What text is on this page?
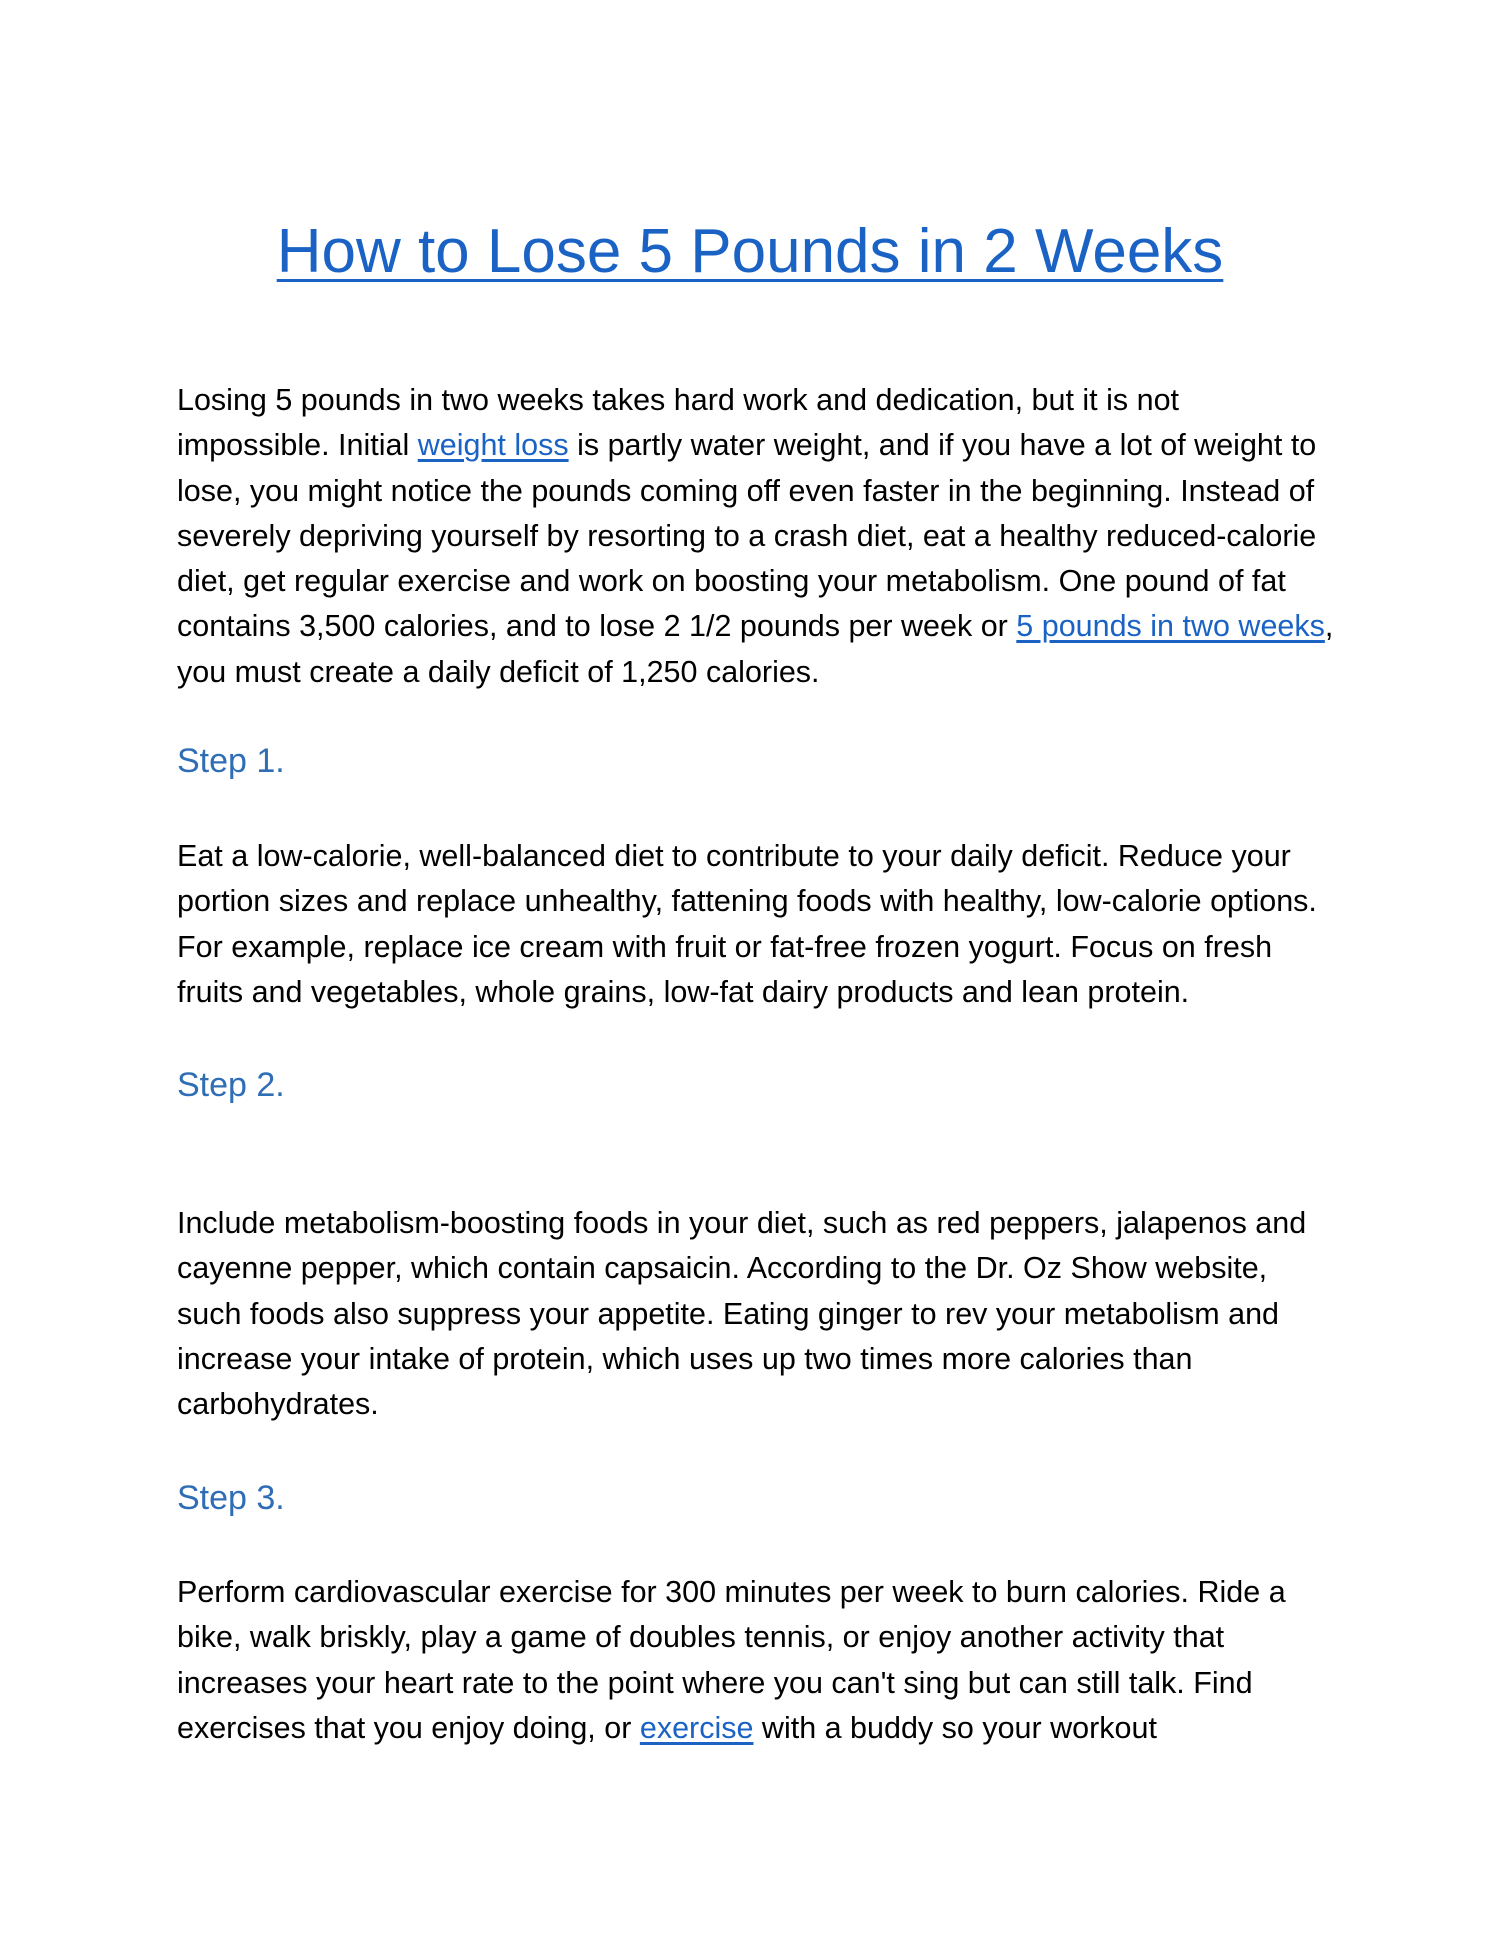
How to Lose 5 Pounds in 2 Weeks

Losing 5 pounds in two weeks takes hard work and dedication, but it is not impossible. Initial weight loss is partly water weight, and if you have a lot of weight to lose, you might notice the pounds coming off even faster in the beginning. Instead of severely depriving yourself by resorting to a crash diet, eat a healthy reduced-calorie diet, get regular exercise and work on boosting your metabolism. One pound of fat contains 3,500 calories, and to lose 2 1/2 pounds per week or 5 pounds in two weeks, you must create a daily deficit of 1,250 calories.

Step 1.

Eat a low-calorie, well-balanced diet to contribute to your daily deficit. Reduce your portion sizes and replace unhealthy, fattening foods with healthy, low-calorie options. For example, replace ice cream with fruit or fat-free frozen yogurt. Focus on fresh fruits and vegetables, whole grains, low-fat dairy products and lean protein.

Step 2.

Include metabolism-boosting foods in your diet, such as red peppers, jalapenos and cayenne pepper, which contain capsaicin. According to the Dr. Oz Show website, such foods also suppress your appetite. Eating ginger to rev your metabolism and increase your intake of protein, which uses up two times more calories than carbohydrates.

Step 3.

Perform cardiovascular exercise for 300 minutes per week to burn calories. Ride a bike, walk briskly, play a game of doubles tennis, or enjoy another activity that increases your heart rate to the point where you can't sing but can still talk. Find exercises that you enjoy doing, or exercise with a buddy so your workout
